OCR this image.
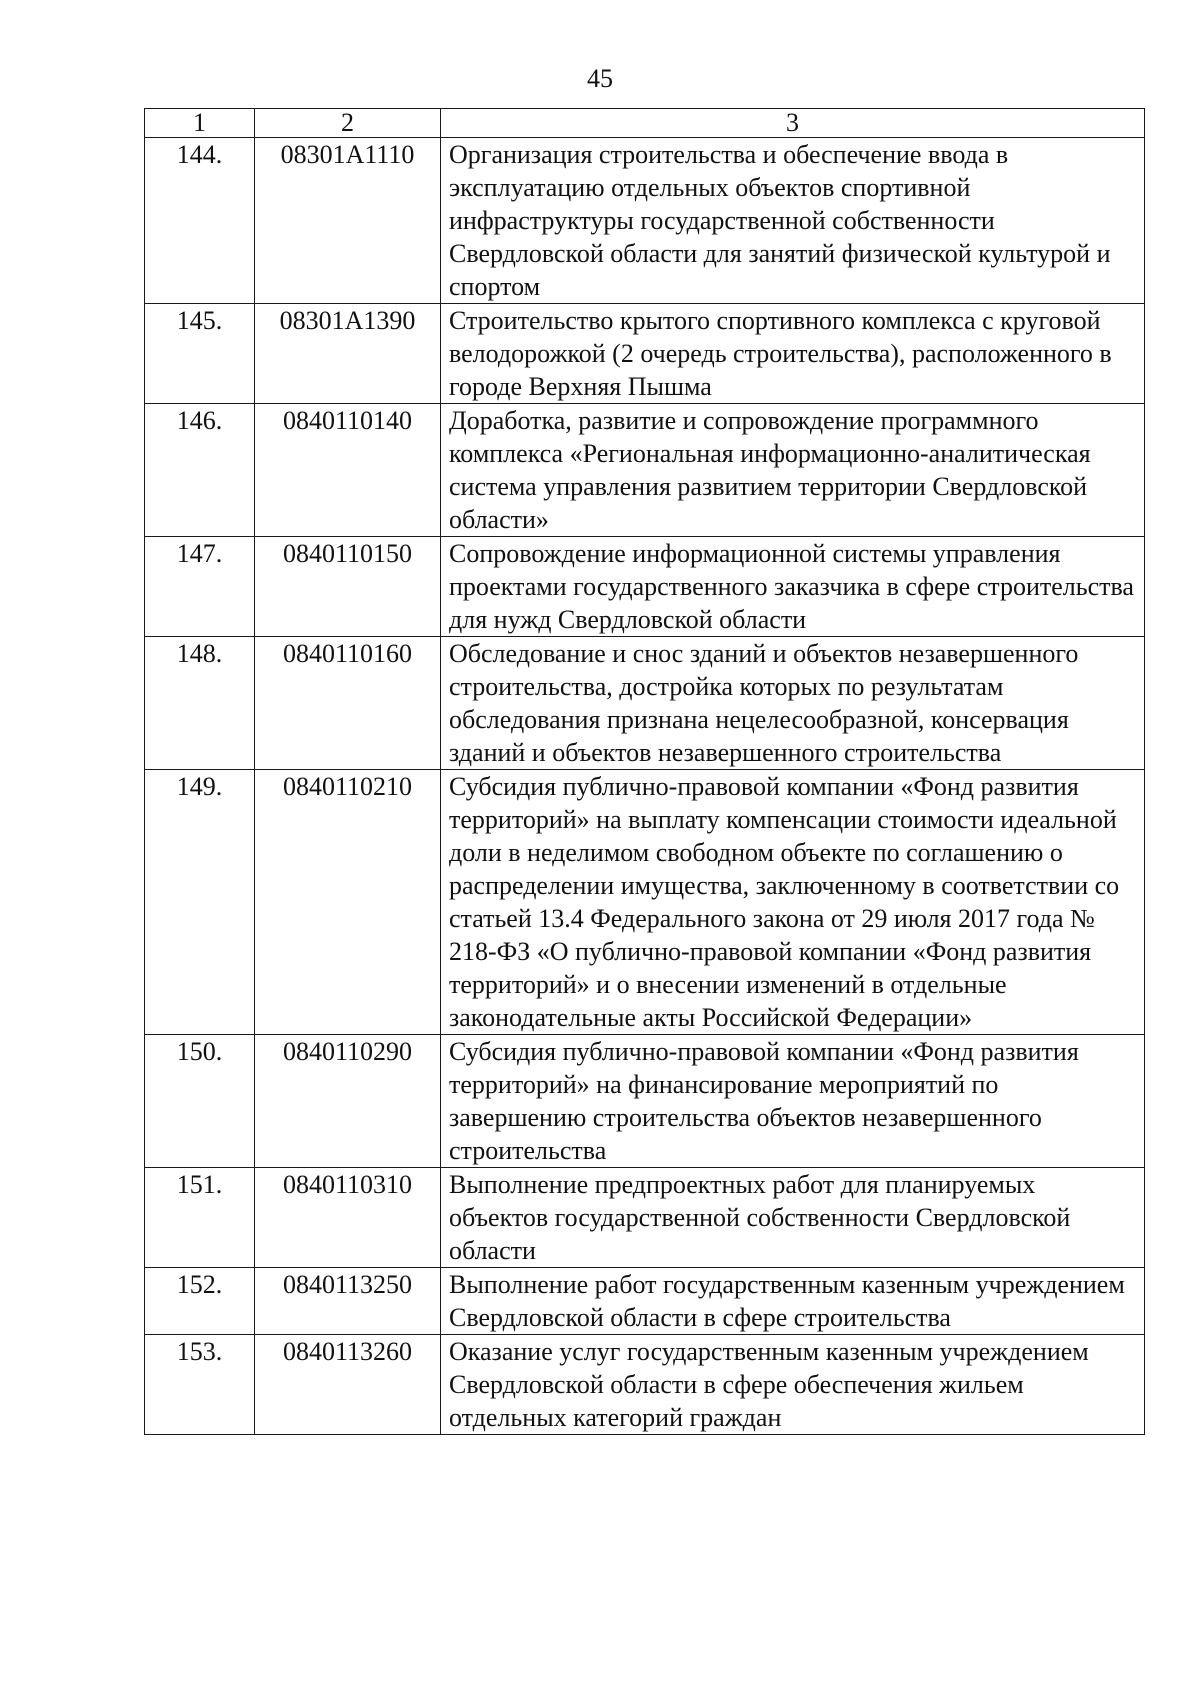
45
1	2	3
144.	08301А1110	Организация строительства и обеспечение ввода в эксплуатацию отдельных объектов спортивной инфраструктуры государственной собственности Свердловской области для занятий физической культурой и спортом
145.	08301А1390	Строительство крытого спортивного комплекса с круговой велодорожкой (2 очередь строительства), расположенного в городе Верхняя Пышма
146.	0840110140	Доработка, развитие и сопровождение программного комплекса «Региональная информационно-аналитическая система управления развитием территории Свердловской области»
147.	0840110150	Сопровождение информационной системы управления проектами государственного заказчика в сфере строительства для нужд Свердловской области
148.	0840110160	Обследование и снос зданий и объектов незавершенного строительства, достройка которых по результатам обследования признана нецелесообразной, консервация зданий и объектов незавершенного строительства
149.	0840110210	Субсидия публично-правовой компании «Фонд развития территорий» на выплату компенсации стоимости идеальной доли в неделимом свободном объекте по соглашению о распределении имущества, заключенному в соответствии со статьей 13.4 Федерального закона от 29 июля 2017 года № 218-ФЗ «О публично-правовой компании «Фонд развития территорий» и о внесении изменений в отдельные законодательные акты Российской Федерации»
150.	0840110290	Субсидия публично-правовой компании «Фонд развития территорий» на финансирование мероприятий по завершению строительства объектов незавершенного строительства
151.	0840110310	Выполнение предпроектных работ для планируемых объектов государственной собственности Свердловской области
152.	0840113250	Выполнение работ государственным казенным учреждением Свердловской области в сфере строительства
153.	0840113260	Оказание услуг государственным казенным учреждением Свердловской области в сфере обеспечения жильем отдельных категорий граждан
